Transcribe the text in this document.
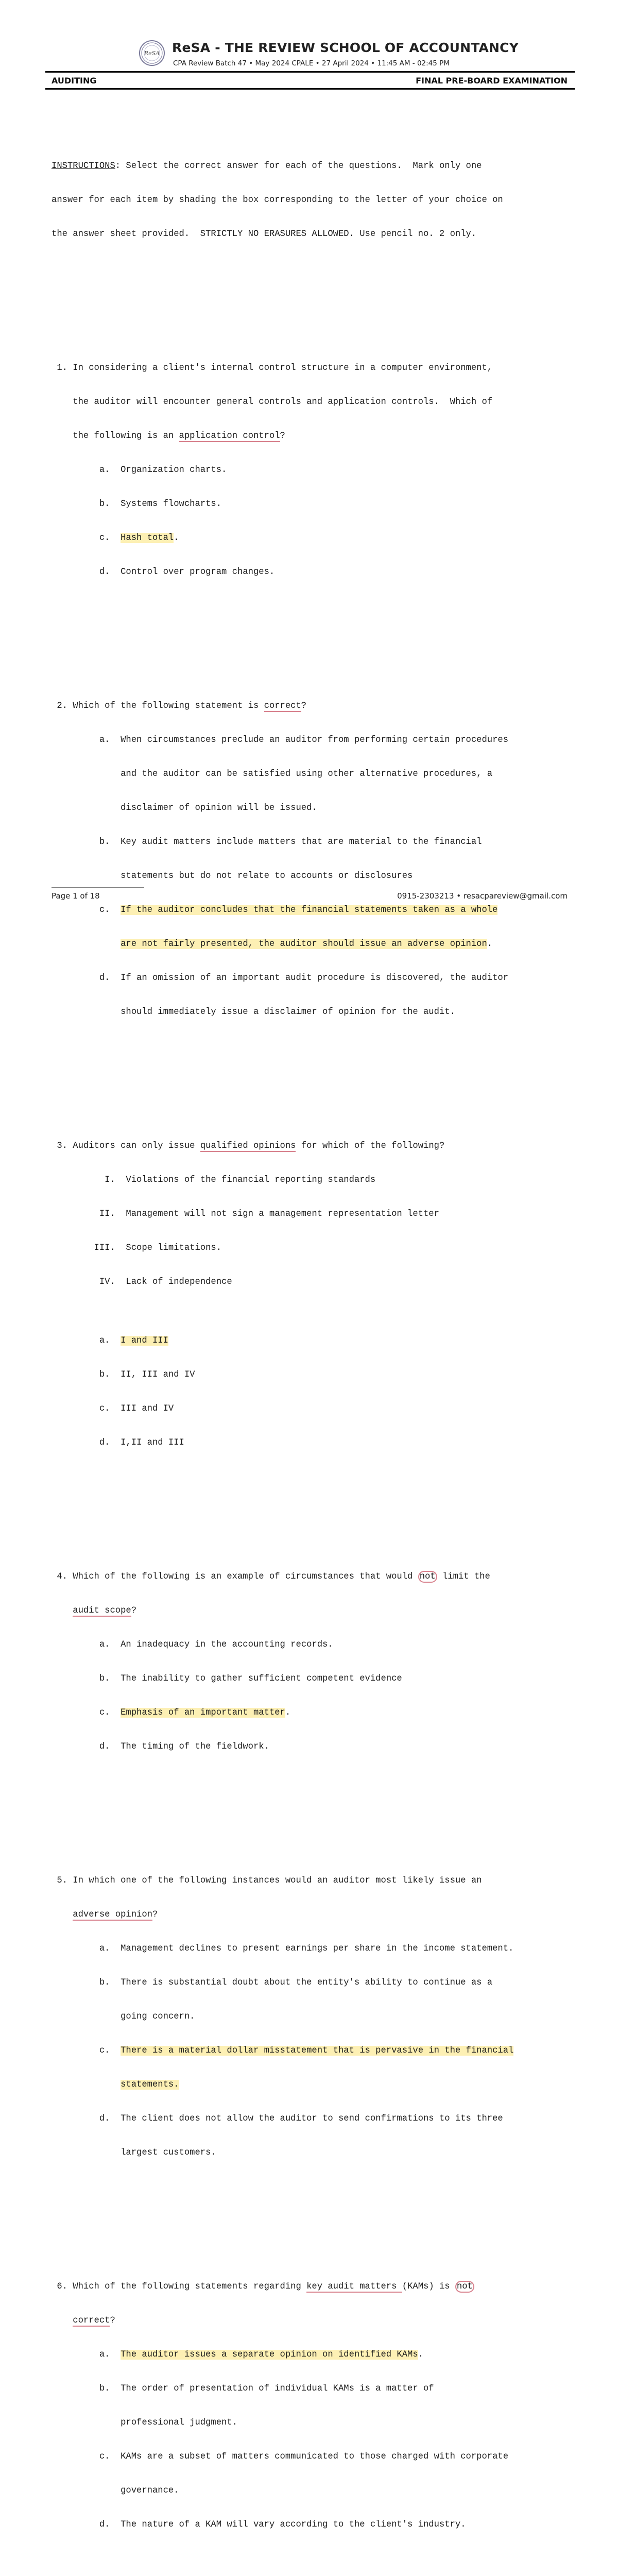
ReSA ReSA - THE REVIEW SCHOOL OF ACCOUNTANCY
CPA Review Batch 47 • May 2024 CPALE • 27 April 2024 • 11:45 AM - 02:45 PM
AUDITING	FINAL PRE-BOARD EXAMINATION

INSTRUCTIONS: Select the correct answer for each of the questions.  Mark only one

answer for each item by shading the box corresponding to the letter of your choice on

the answer sheet provided.  STRICTLY NO ERASURES ALLOWED. Use pencil no. 2 only.

1. In considering a client's internal control structure in a computer environment,

the auditor will encounter general controls and application controls.  Which of

the following is an application control?

a.  Organization charts.

b.  Systems flowcharts.

c.  Hash total.

d.  Control over program changes.

2. Which of the following statement is correct?

a.  When circumstances preclude an auditor from performing certain procedures

and the auditor can be satisfied using other alternative procedures, a

disclaimer of opinion will be issued.

b.  Key audit matters include matters that are material to the financial

statements but do not relate to accounts or disclosures

c.  If the auditor concludes that the financial statements taken as a whole

are not fairly presented, the auditor should issue an adverse opinion.

d.  If an omission of an important audit procedure is discovered, the auditor

should immediately issue a disclaimer of opinion for the audit.

3. Auditors can only issue qualified opinions for which of the following?

I.  Violations of the financial reporting standards

II.  Management will not sign a management representation letter

III.  Scope limitations.

IV.  Lack of independence

a.  I and III

b.  II, III and IV

c.  III and IV

d.  I,II and III

4. Which of the following is an example of circumstances that would not limit the

audit scope?

a.  An inadequacy in the accounting records.

b.  The inability to gather sufficient competent evidence

c.  Emphasis of an important matter.

d.  The timing of the fieldwork.

5. In which one of the following instances would an auditor most likely issue an

adverse opinion?

a.  Management declines to present earnings per share in the income statement.

b.  There is substantial doubt about the entity's ability to continue as a

going concern.

c.  There is a material dollar misstatement that is pervasive in the financial

statements.

d.  The client does not allow the auditor to send confirmations to its three

largest customers.

6. Which of the following statements regarding key audit matters (KAMs) is not

correct?

a.  The auditor issues a separate opinion on identified KAMs.

b.  The order of presentation of individual KAMs is a matter of

professional judgment.

c.  KAMs are a subset of matters communicated to those charged with corporate

governance.

d.  The nature of a KAM will vary according to the client's industry.

Page 1 of 18	0915-2303213 • resacpareview@gmail.com
